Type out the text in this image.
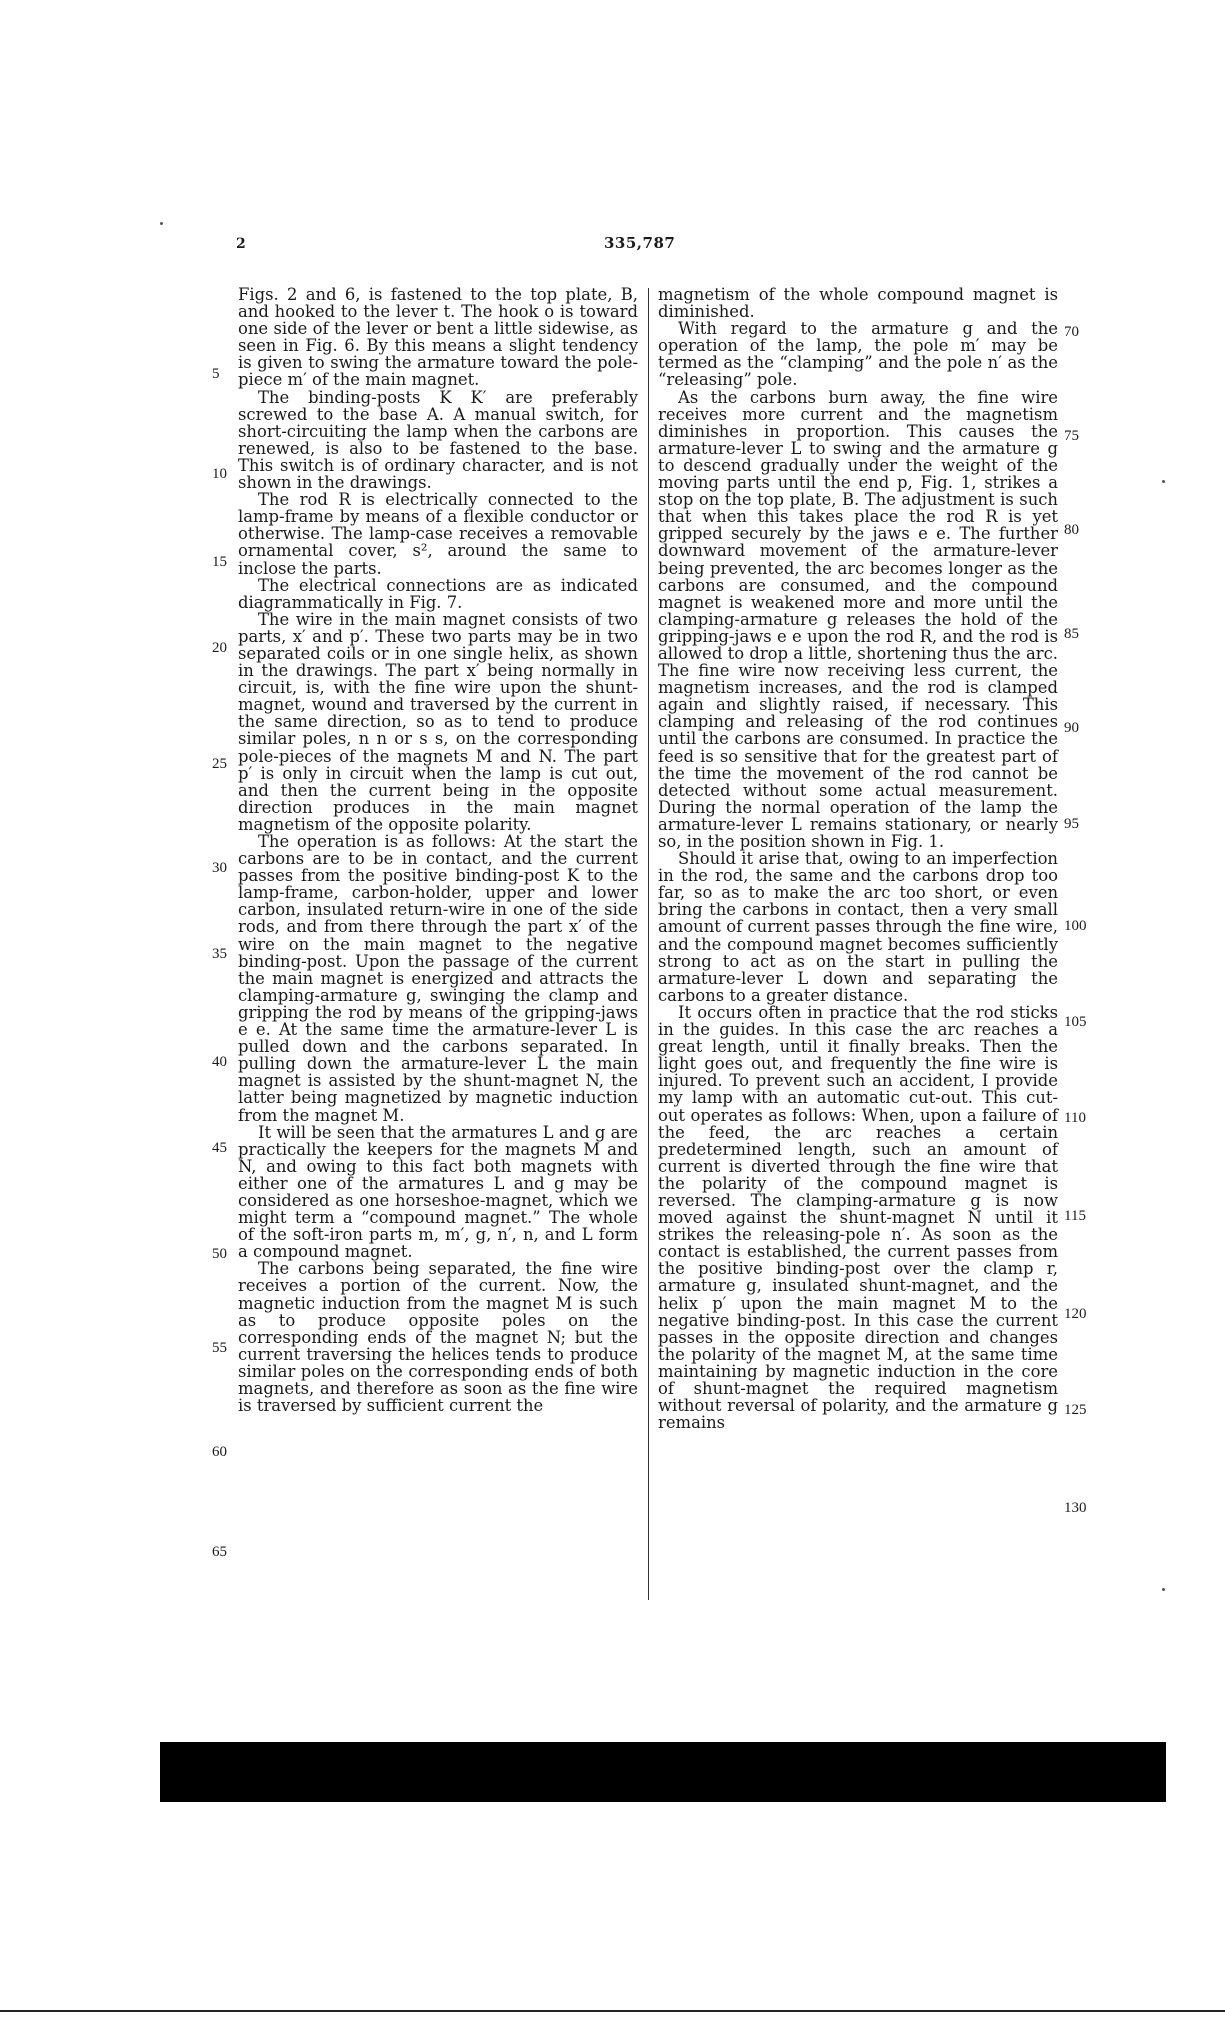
2	335,787

Figs. 2 and 6, is fastened to the top plate, B, and hooked to the lever t. The hook o is toward one side of the lever or bent a little sidewise, as seen in Fig. 6. By this means a slight tendency is given to swing the armature toward the pole-piece m′ of the main magnet.

The binding-posts K K′ are preferably screwed to the base A. A manual switch, for short-circuiting the lamp when the carbons are renewed, is also to be fastened to the base. This switch is of ordinary character, and is not shown in the drawings.

The rod R is electrically connected to the lamp-frame by means of a flexible conductor or otherwise. The lamp-case receives a removable ornamental cover, s², around the same to inclose the parts.

The electrical connections are as indicated diagrammatically in Fig. 7.

The wire in the main magnet consists of two parts, x′ and p′. These two parts may be in two separated coils or in one single helix, as shown in the drawings. The part x′ being normally in circuit, is, with the fine wire upon the shunt-magnet, wound and traversed by the current in the same direction, so as to tend to produce similar poles, n n or s s, on the corresponding pole-pieces of the magnets M and N. The part p′ is only in circuit when the lamp is cut out, and then the current being in the opposite direction produces in the main magnet magnetism of the opposite polarity.

The operation is as follows: At the start the carbons are to be in contact, and the current passes from the positive binding-post K to the lamp-frame, carbon-holder, upper and lower carbon, insulated return-wire in one of the side rods, and from there through the part x′ of the wire on the main magnet to the negative binding-post. Upon the passage of the current the main magnet is energized and attracts the clamping-armature g, swinging the clamp and gripping the rod by means of the gripping-jaws e e. At the same time the armature-lever L is pulled down and the carbons separated. In pulling down the armature-lever L the main magnet is assisted by the shunt-magnet N, the latter being magnetized by magnetic induction from the magnet M.

It will be seen that the armatures L and g are practically the keepers for the magnets M and N, and owing to this fact both magnets with either one of the armatures L and g may be considered as one horseshoe-magnet, which we might term a “compound magnet.” The whole of the soft-iron parts m, m′, g, n′, n, and L form a compound magnet.

The carbons being separated, the fine wire receives a portion of the current. Now, the magnetic induction from the magnet M is such as to produce opposite poles on the corresponding ends of the magnet N; but the current traversing the helices tends to produce similar poles on the corresponding ends of both magnets, and therefore as soon as the fine wire is traversed by sufficient current the

magnetism of the whole compound magnet is diminished.

With regard to the armature g and the operation of the lamp, the pole m′ may be termed as the “clamping” and the pole n′ as the “releasing” pole.

As the carbons burn away, the fine wire receives more current and the magnetism diminishes in proportion. This causes the armature-lever L to swing and the armature g to descend gradually under the weight of the moving parts until the end p, Fig. 1, strikes a stop on the top plate, B. The adjustment is such that when this takes place the rod R is yet gripped securely by the jaws e e. The further downward movement of the armature-lever being prevented, the arc becomes longer as the carbons are consumed, and the compound magnet is weakened more and more until the clamping-armature g releases the hold of the gripping-jaws e e upon the rod R, and the rod is allowed to drop a little, shortening thus the arc. The fine wire now receiving less current, the magnetism increases, and the rod is clamped again and slightly raised, if necessary. This clamping and releasing of the rod continues until the carbons are consumed. In practice the feed is so sensitive that for the greatest part of the time the movement of the rod cannot be detected without some actual measurement. During the normal operation of the lamp the armature-lever L remains stationary, or nearly so, in the position shown in Fig. 1.

Should it arise that, owing to an imperfection in the rod, the same and the carbons drop too far, so as to make the arc too short, or even bring the carbons in contact, then a very small amount of current passes through the fine wire, and the compound magnet becomes sufficiently strong to act as on the start in pulling the armature-lever L down and separating the carbons to a greater distance.

It occurs often in practice that the rod sticks in the guides. In this case the arc reaches a great length, until it finally breaks. Then the light goes out, and frequently the fine wire is injured. To prevent such an accident, I provide my lamp with an automatic cut-out. This cut-out operates as follows: When, upon a failure of the feed, the arc reaches a certain predetermined length, such an amount of current is diverted through the fine wire that the polarity of the compound magnet is reversed. The clamping-armature g is now moved against the shunt-magnet N until it strikes the releasing-pole n′. As soon as the contact is established, the current passes from the positive binding-post over the clamp r, armature g, insulated shunt-magnet, and the helix p′ upon the main magnet M to the negative binding-post. In this case the current passes in the opposite direction and changes the polarity of the magnet M, at the same time maintaining by magnetic induction in the core of shunt-magnet the required magnetism without reversal of polarity, and the armature g remains

5
10
15
20
25
30
35
40
45
50
55
60
65
70
75
80
85
90
95
100
105
110
115
120
125
130
